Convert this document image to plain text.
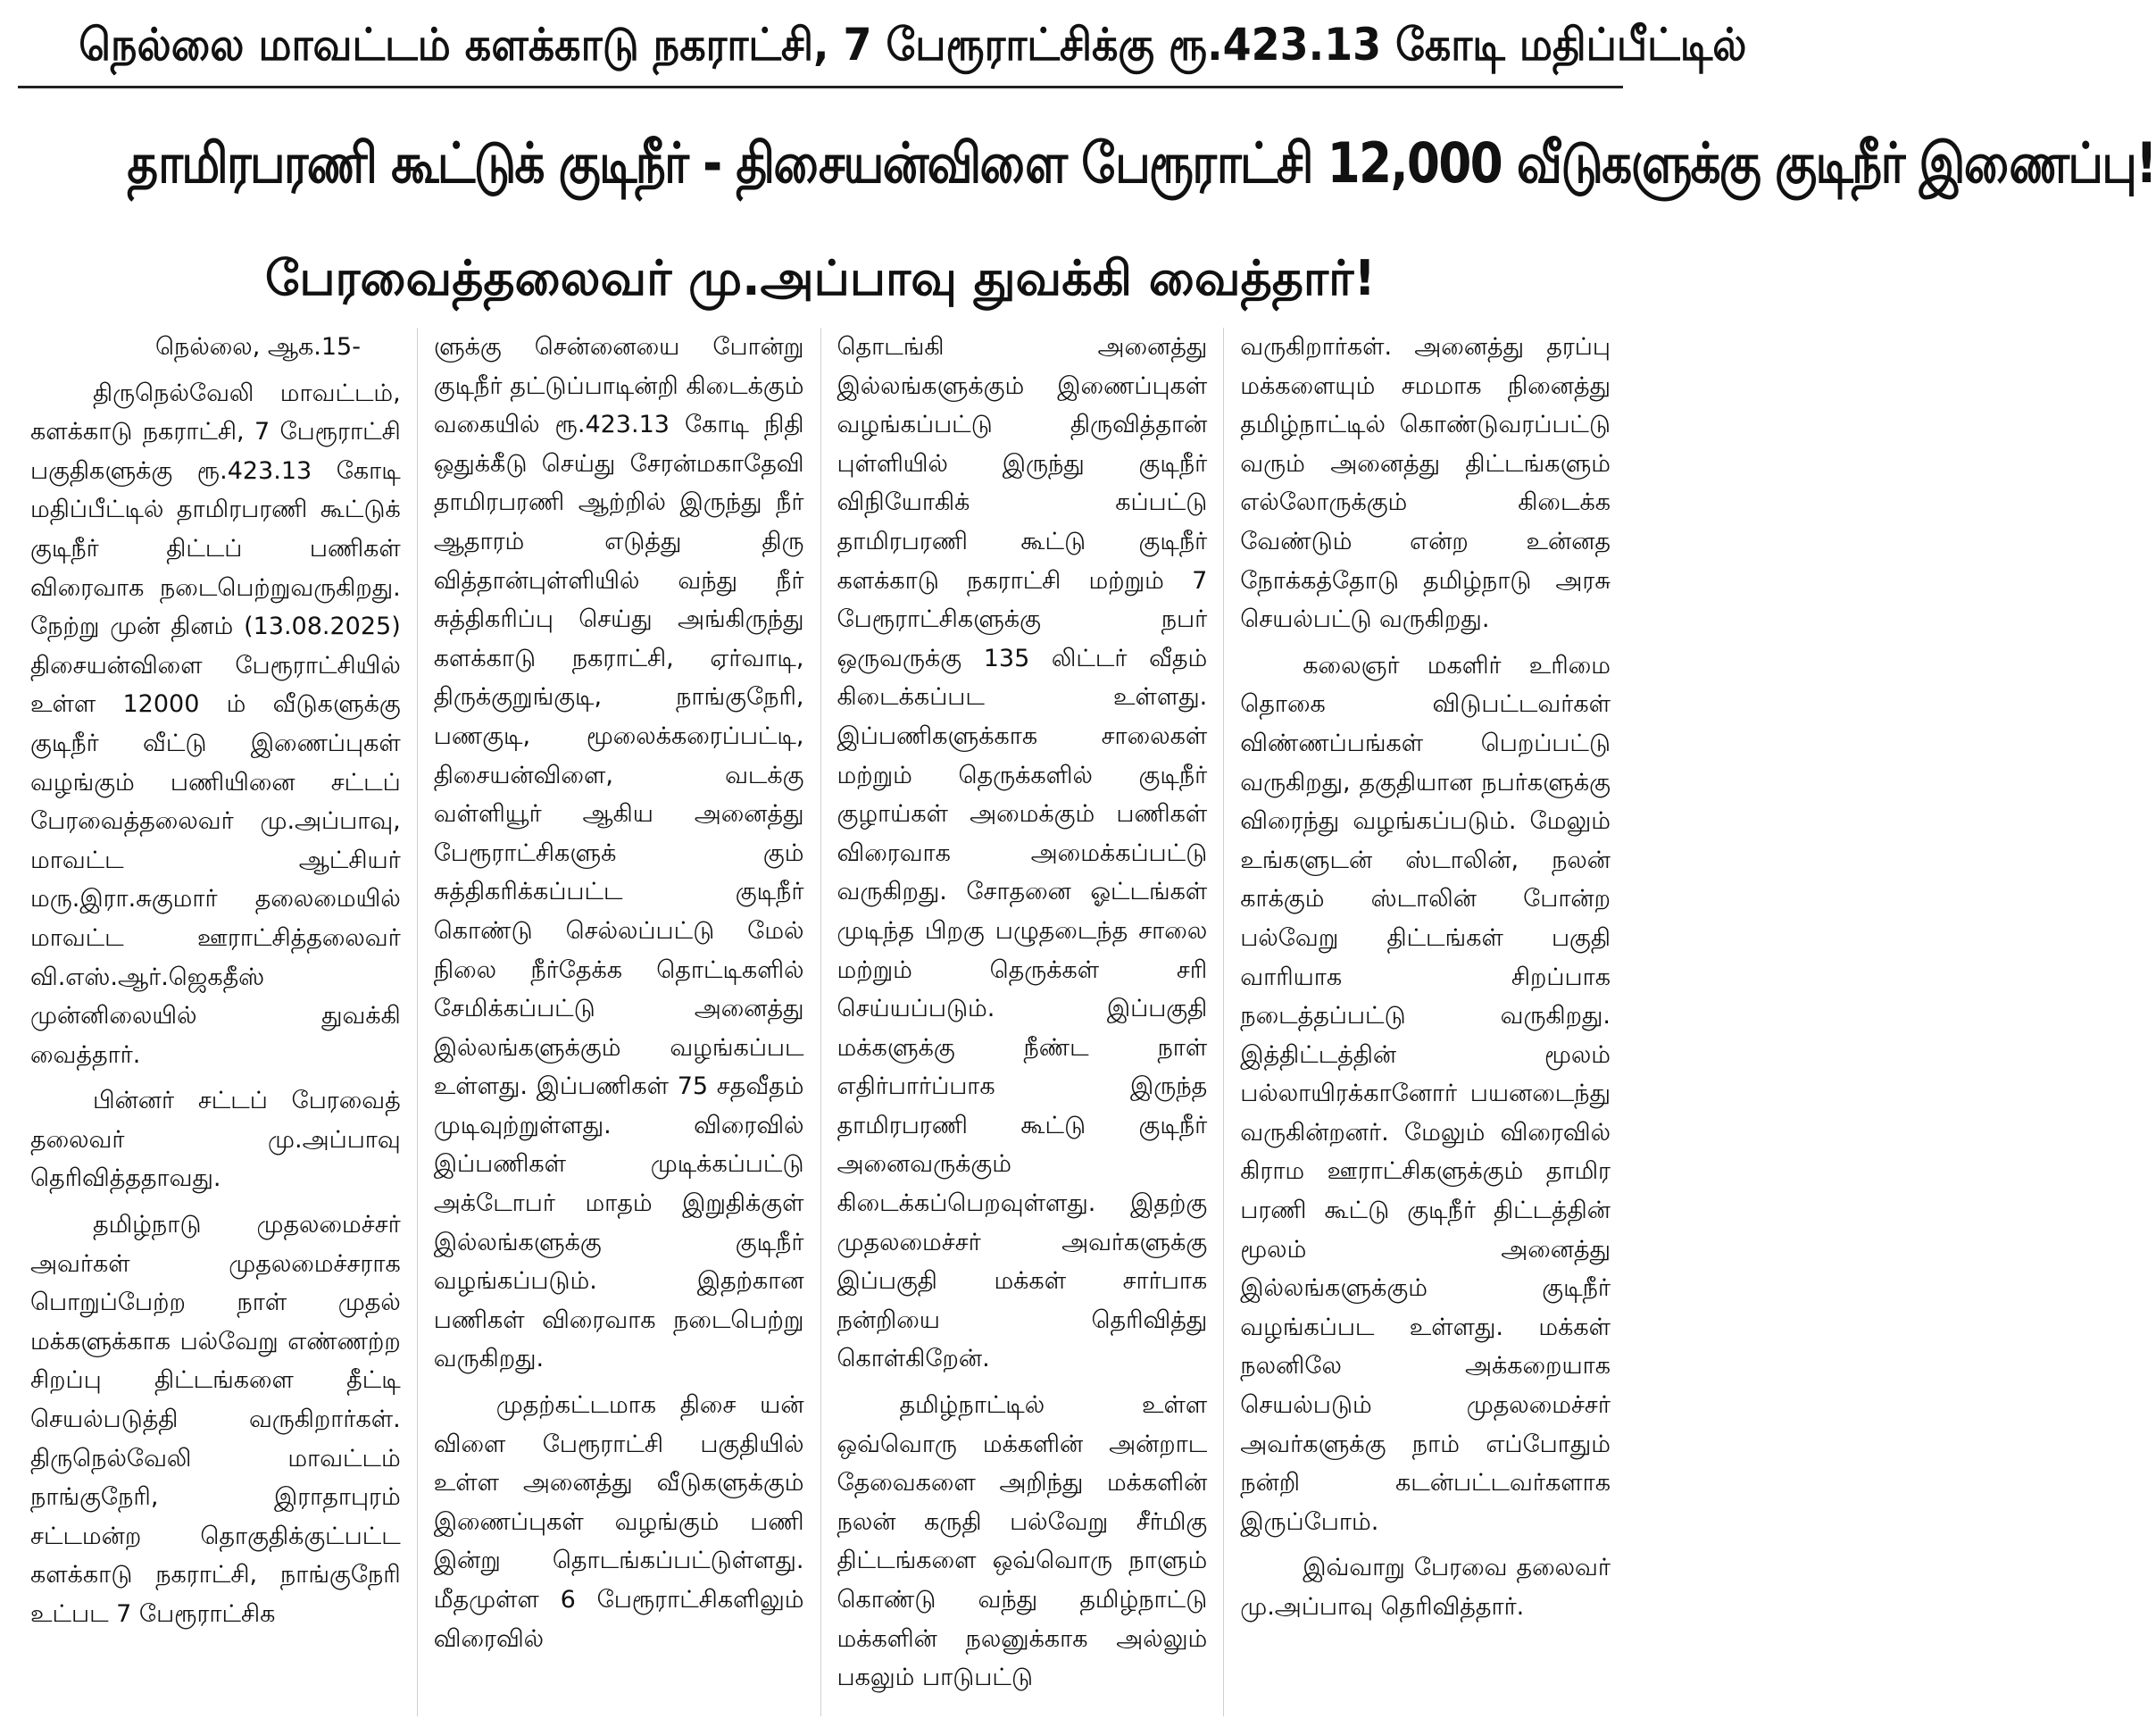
நெல்லை மாவட்டம் களக்காடு நகராட்சி, 7 பேரூராட்சிக்கு ரூ.423.13 கோடி மதிப்பீட்டில்
தாமிரபரணி கூட்டுக் குடிநீர் - திசையன்விளை பேரூராட்சி 12,000 வீடுகளுக்கு குடிநீர் இணைப்பு!
பேரவைத்தலைவர் மு.அப்பாவு துவக்கி வைத்தார்!

நெல்லை, ஆக.15-

திருநெல்வேலி மாவட்டம், களக்காடு நகராட்சி, 7 பேரூராட்சி பகுதிகளுக்கு ரூ.423.13 கோடி மதிப்பீட்டில் தாமிரபரணி கூட்டுக் குடிநீர் திட்டப் பணிகள் விரைவாக நடைபெற்றுவருகிறது. நேற்று முன் தினம் (13.08.2025) திசையன்விளை பேரூராட்சியில் உள்ள 12000 ம் வீடுகளுக்கு குடிநீர் வீட்டு இணைப்புகள் வழங்கும் பணியினை சட்டப் பேரவைத்தலைவர் மு.அப்பாவு, மாவட்ட ஆட்சியர் மரு.இரா.சுகுமார் தலைமையில் மாவட்ட ஊராட்சித்தலைவர் வி.எஸ்.ஆர்.ஜெகதீஸ் முன்னிலையில் துவக்கி வைத்தார்.

பின்னர் சட்டப் பேரவைத் தலைவர் மு.அப்பாவு தெரிவித்ததாவது.

தமிழ்நாடு முதலமைச்சர் அவர்கள் முதலமைச்சராக பொறுப்பேற்ற நாள் முதல் மக்களுக்காக பல்வேறு எண்ணற்ற சிறப்பு திட்டங்களை தீட்டி செயல்படுத்தி வருகிறார்கள். திருநெல்வேலி மாவட்டம் நாங்குநேரி, இராதாபுரம் சட்டமன்ற தொகுதிக்குட்பட்ட களக்காடு நகராட்சி, நாங்குநேரி உட்பட 7 பேரூராட்சிக

ளுக்கு சென்னையை போன்று குடிநீர் தட்டுப்பாடின்றி கிடைக்கும் வகையில் ரூ.423.13 கோடி நிதி ஒதுக்கீடு செய்து சேரன்மகாதேவி தாமிரபரணி ஆற்றில் இருந்து நீர் ஆதாரம் எடுத்து திரு வித்தான்புள்ளியில் வந்து நீர் சுத்திகரிப்பு செய்து அங்கிருந்து களக்காடு நகராட்சி, ஏர்வாடி, திருக்குறுங்குடி, நாங்குநேரி, பணகுடி, மூலைக்கரைப்பட்டி, திசையன்விளை, வடக்கு வள்ளியூர் ஆகிய அனைத்து பேரூராட்சிகளுக் கும் சுத்திகரிக்கப்பட்ட குடிநீர் கொண்டு செல்லப்பட்டு மேல் நிலை நீர்தேக்க தொட்டிகளில் சேமிக்கப்பட்டு அனைத்து இல்லங்களுக்கும் வழங்கப்பட உள்ளது. இப்பணிகள் 75 சதவீதம் முடிவுற்றுள்ளது. விரைவில் இப்பணிகள் முடிக்கப்பட்டு அக்டோபர் மாதம் இறுதிக்குள் இல்லங்களுக்கு குடிநீர் வழங்கப்படும். இதற்கான பணிகள் விரைவாக நடைபெற்று வருகிறது.

முதற்கட்டமாக திசை யன் விளை பேரூராட்சி பகுதியில் உள்ள அனைத்து வீடுகளுக்கும் இணைப்புகள் வழங்கும் பணி இன்று தொடங்கப்பட்டுள்ளது. மீதமுள்ள 6 பேரூராட்சிகளிலும் விரைவில்

தொடங்கி அனைத்து இல்லங்களுக்கும் இணைப்புகள் வழங்கப்பட்டு திருவித்தான் புள்ளியில் இருந்து குடிநீர் விநியோகிக் கப்பட்டு தாமிரபரணி கூட்டு குடிநீர் களக்காடு நகராட்சி மற்றும் 7 பேரூராட்சிகளுக்கு நபர் ஒருவருக்கு 135 லிட்டர் வீதம் கிடைக்கப்பட உள்ளது. இப்பணிகளுக்காக சாலைகள் மற்றும் தெருக்களில் குடிநீர் குழாய்கள் அமைக்கும் பணிகள் விரைவாக அமைக்கப்பட்டு வருகிறது. சோதனை ஓட்டங்கள் முடிந்த பிறகு பழுதடைந்த சாலை மற்றும் தெருக்கள் சரி செய்யப்படும். இப்பகுதி மக்களுக்கு நீண்ட நாள் எதிர்பார்ப்பாக இருந்த தாமிரபரணி கூட்டு குடிநீர் அனைவருக்கும் கிடைக்கப்பெறவுள்ளது. இதற்கு முதலமைச்சர் அவர்களுக்கு இப்பகுதி மக்கள் சார்பாக நன்றியை தெரிவித்து கொள்கிறேன்.

தமிழ்நாட்டில் உள்ள ஒவ்வொரு மக்களின் அன்றாட தேவைகளை அறிந்து மக்களின் நலன் கருதி பல்வேறு சீர்மிகு திட்டங்களை ஒவ்வொரு நாளும் கொண்டு வந்து தமிழ்நாட்டு மக்களின் நலனுக்காக அல்லும் பகலும் பாடுபட்டு

வருகிறார்கள். அனைத்து தரப்பு மக்களையும் சமமாக நினைத்து தமிழ்நாட்டில் கொண்டுவரப்பட்டு வரும் அனைத்து திட்டங்களும் எல்லோருக்கும் கிடைக்க வேண்டும் என்ற உன்னத நோக்கத்தோடு தமிழ்நாடு அரசு செயல்பட்டு வருகிறது.

கலைஞர் மகளிர் உரிமை தொகை விடுபட்டவர்கள் விண்ணப்பங்கள் பெறப்பட்டு வருகிறது, தகுதியான நபர்களுக்கு விரைந்து வழங்கப்படும். மேலும் உங்களுடன் ஸ்டாலின், நலன் காக்கும் ஸ்டாலின் போன்ற பல்வேறு திட்டங்கள் பகுதி வாரியாக சிறப்பாக நடைத்தப்பட்டு வருகிறது. இத்திட்டத்தின் மூலம் பல்லாயிரக்கானோர் பயனடைந்து வருகின்றனர். மேலும் விரைவில் கிராம ஊராட்சிகளுக்கும் தாமிர பரணி கூட்டு குடிநீர் திட்டத்தின் மூலம் அனைத்து இல்லங்களுக்கும் குடிநீர் வழங்கப்பட உள்ளது. மக்கள் நலனிலே அக்கறையாக செயல்படும் முதலமைச்சர் அவர்களுக்கு நாம் எப்போதும் நன்றி கடன்பட்டவர்களாக இருப்போம்.

இவ்வாறு பேரவை தலைவர் மு.அப்பாவு தெரிவித்தார்.
